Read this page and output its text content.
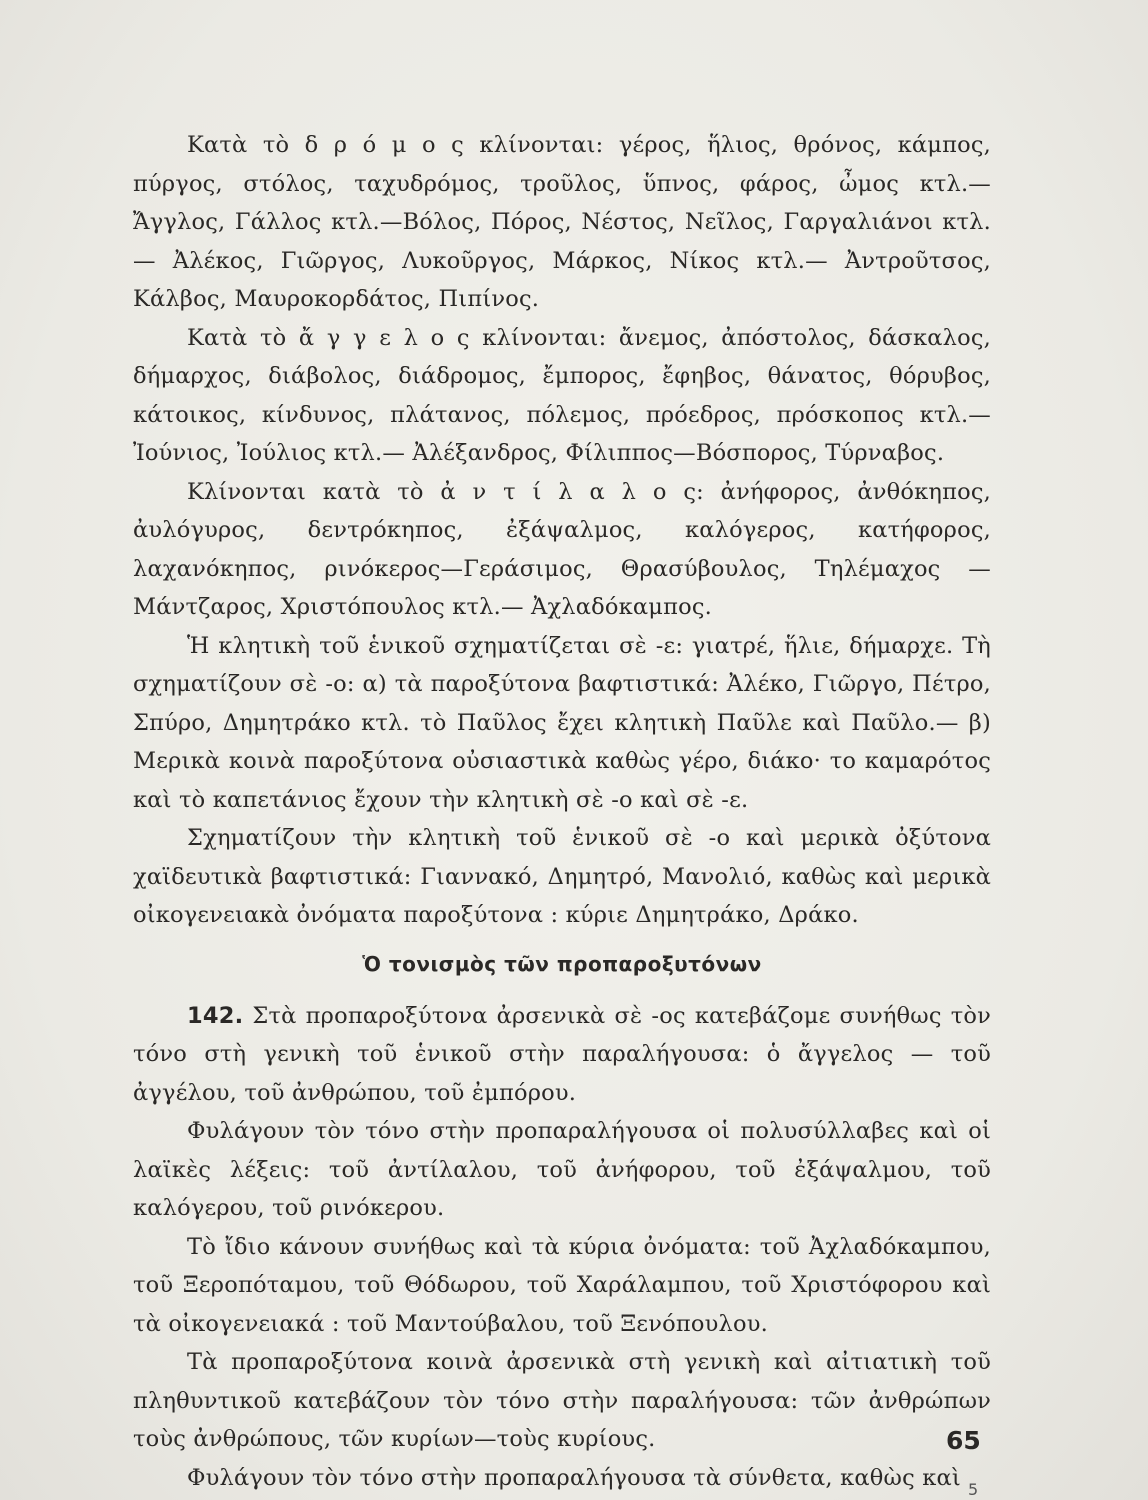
Κατὰ τὸ δ ρ ό μ ο ς κλίνονται: γέρος, ἥλιος, θρόνος, κάμπος, πύργος, στόλος, ταχυδρόμος, τροῦλος, ὕπνος, φάρος, ὦμος κτλ.—Ἄγγλος, Γάλλος κτλ.—Βόλος, Πόρος, Νέστος, Νεῖλος, Γαργαλιάνοι κτλ.— Ἀλέκος, Γιῶργος, Λυκοῦργος, Μάρκος, Νίκος κτλ.— Ἀντροῦτσος, Κάλβος, Μαυροκορδάτος, Πιπίνος.

Κατὰ τὸ ἄ γ γ ε λ ο ς κλίνονται: ἄνεμος, ἀπόστολος, δάσκαλος, δήμαρχος, διάβολος, διάδρομος, ἔμπορος, ἔφηβος, θάνατος, θόρυβος, κάτοικος, κίνδυνος, πλάτανος, πόλεμος, πρόεδρος, πρόσκοπος κτλ.— Ἰούνιος, Ἰούλιος κτλ.— Ἀλέξανδρος, Φίλιππος—Βόσπορος, Τύρναβος.

Κλίνονται κατὰ τὸ ἀ ν τ ί λ α λ ο ς: ἀνήφορος, ἀνθόκηπος, ἀυλόγυρος, δεντρόκηπος, ἐξάψαλμος, καλόγερος, κατήφορος, λαχανόκηπος, ρινόκερος—Γεράσιμος, Θρασύβουλος, Τηλέμαχος — Μάντζαρος, Χριστόπουλος κτλ.— Ἀχλαδόκαμπος.

Ἡ κλητικὴ τοῦ ἑνικοῦ σχηματίζεται σὲ -ε: γιατρέ, ἥλιε, δήμαρχε. Τὴ σχηματίζουν σὲ -ο: α) τὰ παροξύτονα βαφτιστικά: Ἀλέκο, Γιῶργο, Πέτρο, Σπύρο, Δημητράκο κτλ. τὸ Παῦλος ἔχει κλητικὴ Παῦλε καὶ Παῦλο.— β) Μερικὰ κοινὰ παροξύτονα οὐσιαστικὰ καθὼς γέρο, διάκο· το καμαρότος καὶ τὸ καπετάνιος ἔχουν τὴν κλητικὴ σὲ -ο καὶ σὲ -ε.

Σχηματίζουν τὴν κλητικὴ τοῦ ἑνικοῦ σὲ -ο καὶ μερικὰ ὀξύτονα χαϊδευτικὰ βαφτιστικά: Γιαννακό, Δημητρό, Μανολιό, καθὼς καὶ μερικὰ οἰκογενειακὰ ὀνόματα παροξύτονα : κύριε Δημητράκο, Δράκο.

Ὁ τονισμὸς τῶν προπαροξυτόνων

142. Στὰ προπαροξύτονα ἀρσενικὰ σὲ -ος κατεβάζομε συνήθως τὸν τόνο στὴ γενικὴ τοῦ ἑνικοῦ στὴν παραλήγουσα: ὁ ἄγγελος — τοῦ ἀγγέλου, τοῦ ἀνθρώπου, τοῦ ἐμπόρου.

Φυλάγουν τὸν τόνο στὴν προπαραλήγουσα οἱ πολυσύλλαβες καὶ οἱ λαϊκὲς λέξεις: τοῦ ἀντίλαλου, τοῦ ἀνήφορου, τοῦ ἐξάψαλμου, τοῦ καλόγερου, τοῦ ρινόκερου.

Τὸ ἴδιο κάνουν συνήθως καὶ τὰ κύρια ὀνόματα: τοῦ Ἀχλαδόκαμπου, τοῦ Ξεροπόταμου, τοῦ Θόδωρου, τοῦ Χαράλαμπου, τοῦ Χριστόφορου καὶ τὰ οἰκογενειακά : τοῦ Μαντούβαλου, τοῦ Ξενόπουλου.

Τὰ προπαροξύτονα κοινὰ ἀρσενικὰ στὴ γενικὴ καὶ αἰτιατικὴ τοῦ πληθυντικοῦ κατεβάζουν τὸν τόνο στὴν παραλήγουσα: τῶν ἀνθρώπων τοὺς ἀνθρώπους, τῶν κυρίων—τοὺς κυρίους.

Φυλάγουν τὸν τόνο στὴν προπαραλήγουσα τὰ σύνθετα, καθὼς καὶ

65
5
